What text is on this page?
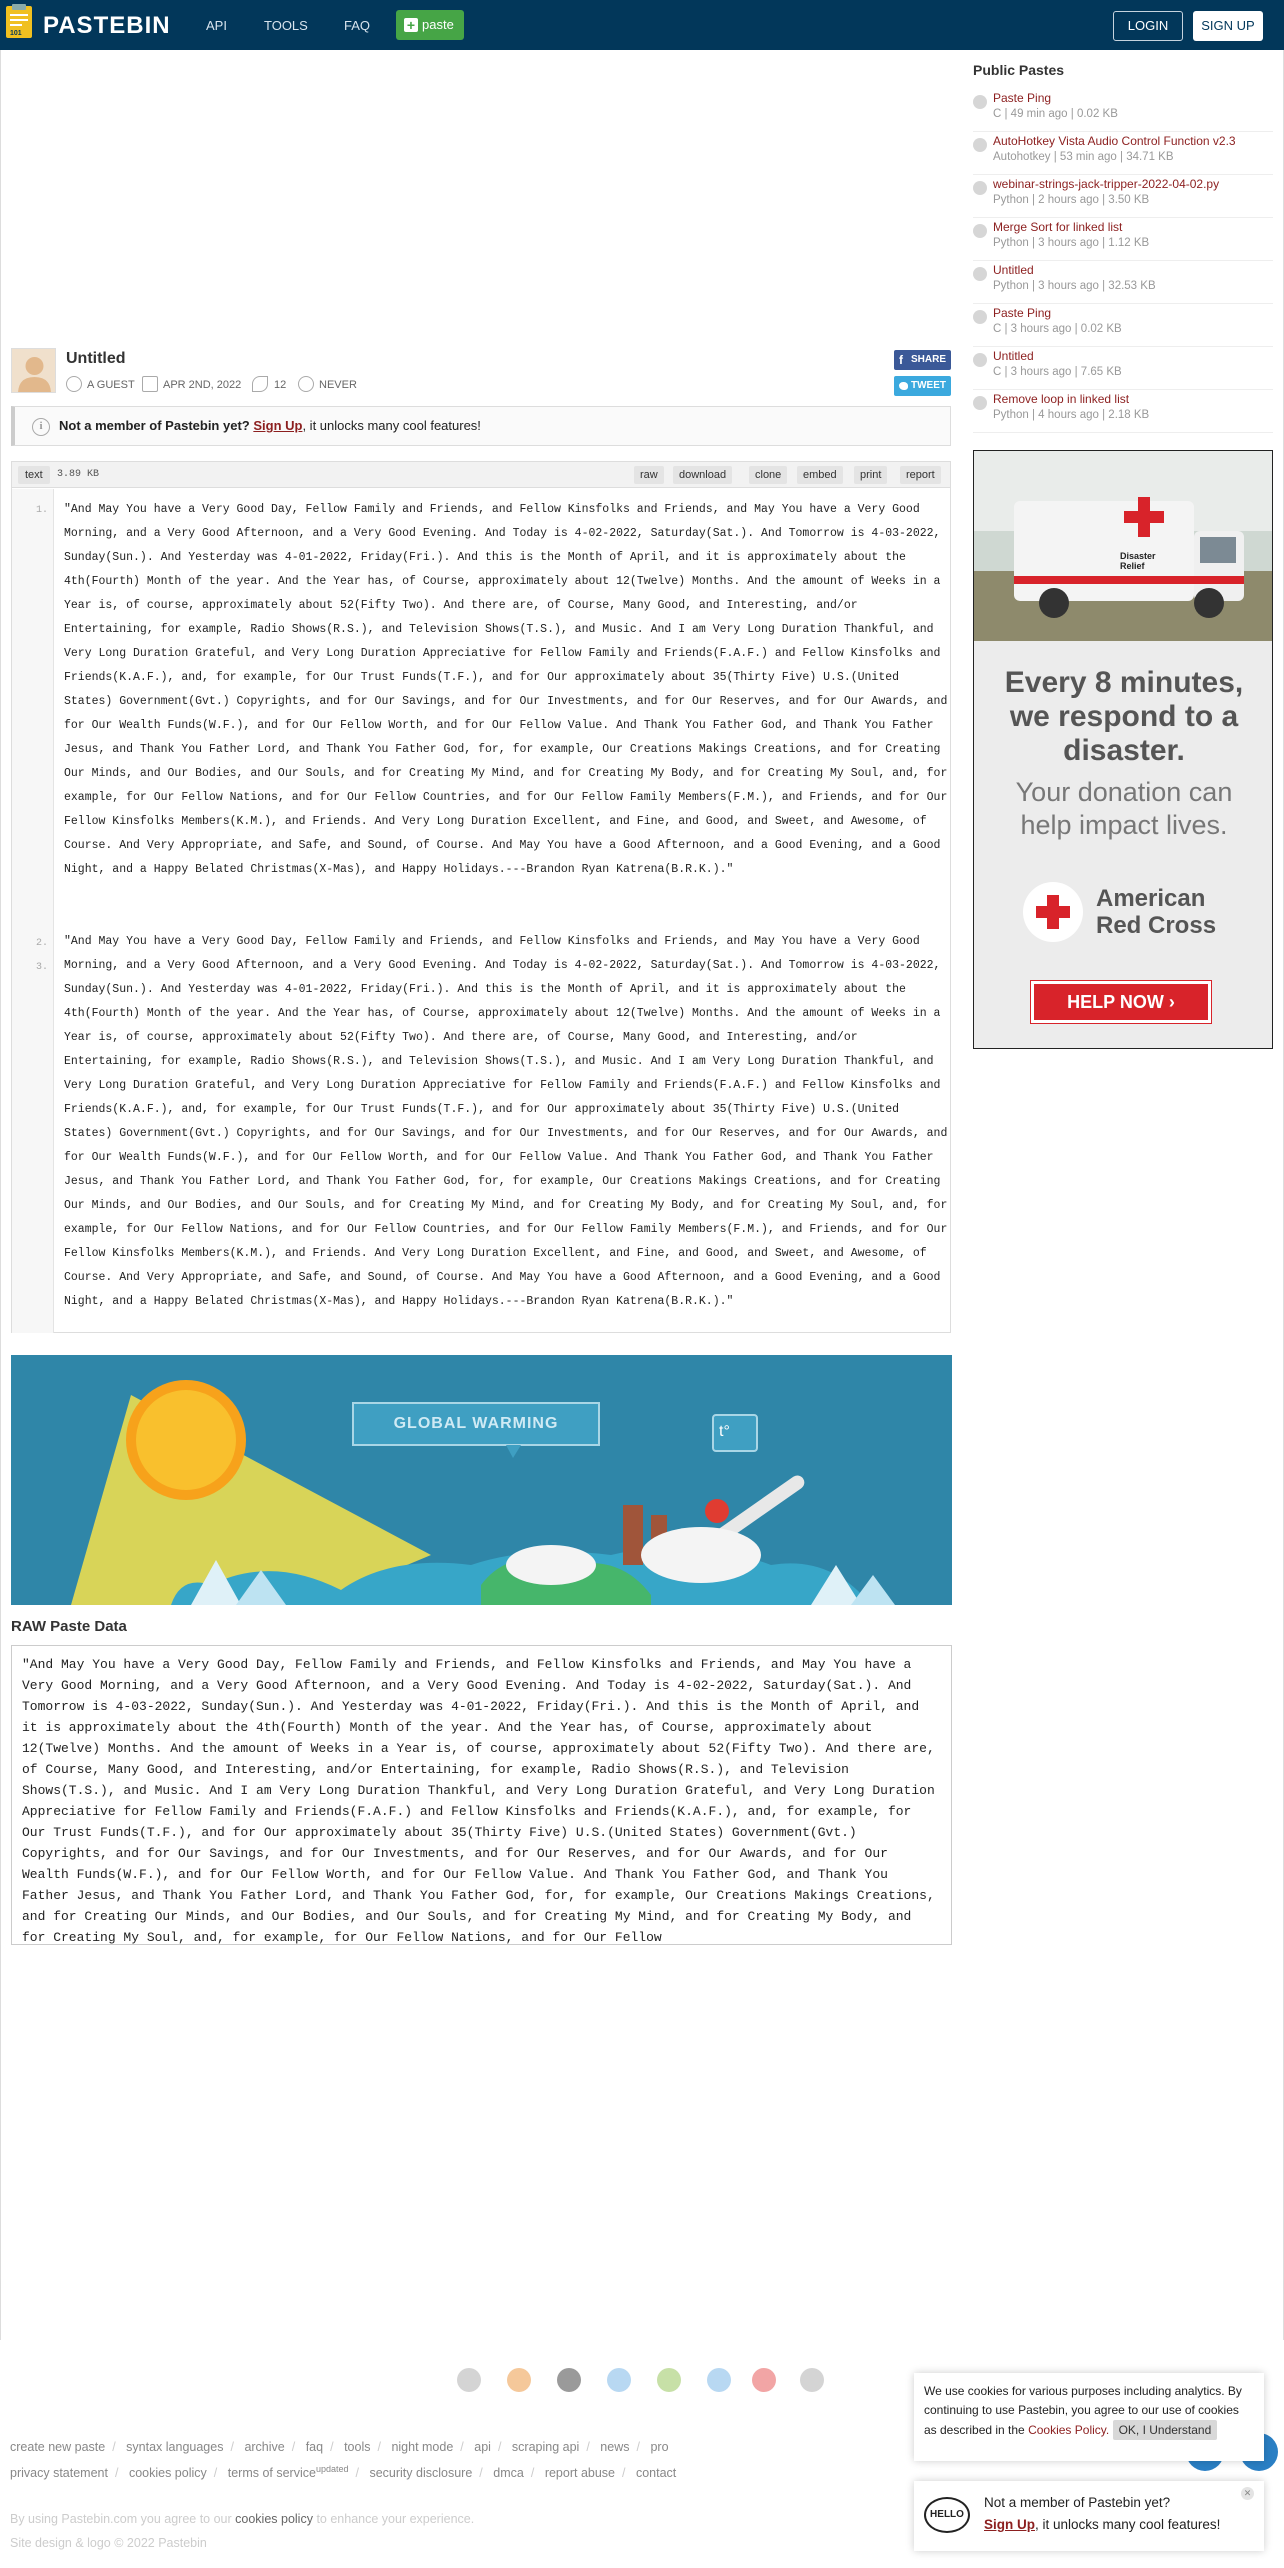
101 PASTEBIN	API	TOOLS	FAQ	+ paste	LOGIN	SIGN UP
Untitled
A GUEST	APR 2ND, 2022	12	NEVER
f SHARE
TWEET
i	Not a member of Pastebin yet? Sign Up, it unlocks many cool features!
text	3.89 KB	raw	download	clone	embed	print	report
1.
2.
3.
"And May You have a Very Good Day, Fellow Family and Friends, and Fellow Kinsfolks and Friends, and May You have a Very Good Morning, and a Very Good Afternoon, and a Very Good Evening. And Today is 4-02-2022, Saturday(Sat.). And Tomorrow is 4-03-2022, Sunday(Sun.). And Yesterday was 4-01-2022, Friday(Fri.). And this is the Month of April, and it is approximately about the 4th(Fourth) Month of the year. And the Year has, of Course, approximately about 12(Twelve) Months. And the amount of Weeks in a Year is, of course, approximately about 52(Fifty Two). And there are, of Course, Many Good, and Interesting, and/or Entertaining, for example, Radio Shows(R.S.), and Television Shows(T.S.), and Music. And I am Very Long Duration Thankful, and Very Long Duration Grateful, and Very Long Duration Appreciative for Fellow Family and Friends(F.A.F.) and Fellow Kinsfolks and Friends(K.A.F.), and, for example, for Our Trust Funds(T.F.), and for Our approximately about 35(Thirty Five) U.S.(United States) Government(Gvt.) Copyrights, and for Our Savings, and for Our Investments, and for Our Reserves, and for Our Awards, and for Our Wealth Funds(W.F.), and for Our Fellow Worth, and for Our Fellow Value. And Thank You Father God, and Thank You Father Jesus, and Thank You Father Lord, and Thank You Father God, for, for example, Our Creations Makings Creations, and for Creating Our Minds, and Our Bodies, and Our Souls, and for Creating My Mind, and for Creating My Body, and for Creating My Soul, and, for example, for Our Fellow Nations, and for Our Fellow Countries, and for Our Fellow Family Members(F.M.), and Friends, and for Our Fellow Kinsfolks Members(K.M.), and Friends. And Very Long Duration Excellent, and Fine, and Good, and Sweet, and Awesome, of Course. And Very Appropriate, and Safe, and Sound, of Course. And May You have a Good Afternoon, and a Good Evening, and a Good Night, and a Happy Belated Christmas(X-Mas), and Happy Holidays.---Brandon Ryan Katrena(B.R.K.)."
"And May You have a Very Good Day, Fellow Family and Friends, and Fellow Kinsfolks and Friends, and May You have a Very Good Morning, and a Very Good Afternoon, and a Very Good Evening. And Today is 4-02-2022, Saturday(Sat.). And Tomorrow is 4-03-2022, Sunday(Sun.). And Yesterday was 4-01-2022, Friday(Fri.). And this is the Month of April, and it is approximately about the 4th(Fourth) Month of the year. And the Year has, of Course, approximately about 12(Twelve) Months. And the amount of Weeks in a Year is, of course, approximately about 52(Fifty Two). And there are, of Course, Many Good, and Interesting, and/or Entertaining, for example, Radio Shows(R.S.), and Television Shows(T.S.), and Music. And I am Very Long Duration Thankful, and Very Long Duration Grateful, and Very Long Duration Appreciative for Fellow Family and Friends(F.A.F.) and Fellow Kinsfolks and Friends(K.A.F.), and, for example, for Our Trust Funds(T.F.), and for Our approximately about 35(Thirty Five) U.S.(United States) Government(Gvt.) Copyrights, and for Our Savings, and for Our Investments, and for Our Reserves, and for Our Awards, and for Our Wealth Funds(W.F.), and for Our Fellow Worth, and for Our Fellow Value. And Thank You Father God, and Thank You Father Jesus, and Thank You Father Lord, and Thank You Father God, for, for example, Our Creations Makings Creations, and for Creating Our Minds, and Our Bodies, and Our Souls, and for Creating My Mind, and for Creating My Body, and for Creating My Soul, and, for example, for Our Fellow Nations, and for Our Fellow Countries, and for Our Fellow Family Members(F.M.), and Friends, and for Our Fellow Kinsfolks Members(K.M.), and Friends. And Very Long Duration Excellent, and Fine, and Good, and Sweet, and Awesome, of Course. And Very Appropriate, and Safe, and Sound, of Course. And May You have a Good Afternoon, and a Good Evening, and a Good Night, and a Happy Belated Christmas(X-Mas), and Happy Holidays.---Brandon Ryan Katrena(B.R.K.)."
GLOBAL WARMING	t°
RAW Paste Data
"And May You have a Very Good Day, Fellow Family and Friends, and Fellow Kinsfolks and Friends, and May You have a Very Good Morning, and a Very Good Afternoon, and a Very Good Evening. And Today is 4-02-2022, Saturday(Sat.). And Tomorrow is 4-03-2022, Sunday(Sun.). And Yesterday was 4-01-2022, Friday(Fri.). And this is the Month of April, and it is approximately about the 4th(Fourth) Month of the year. And the Year has, of Course, approximately about 12(Twelve) Months. And the amount of Weeks in a Year is, of course, approximately about 52(Fifty Two). And there are, of Course, Many Good, and Interesting, and/or Entertaining, for example, Radio Shows(R.S.), and Television Shows(T.S.), and Music. And I am Very Long Duration Thankful, and Very Long Duration Grateful, and Very Long Duration Appreciative for Fellow Family and Friends(F.A.F.) and Fellow Kinsfolks and Friends(K.A.F.), and, for example, for Our Trust Funds(T.F.), and for Our approximately about 35(Thirty Five) U.S.(United States) Government(Gvt.) Copyrights, and for Our Savings, and for Our Investments, and for Our Reserves, and for Our Awards, and for Our Wealth Funds(W.F.), and for Our Fellow Worth, and for Our Fellow Value. And Thank You Father God, and Thank You Father Jesus, and Thank You Father Lord, and Thank You Father God, for, for example, Our Creations Makings Creations, and for Creating Our Minds, and Our Bodies, and Our Souls, and for Creating My Mind, and for Creating My Body, and for Creating My Soul, and, for example, for Our Fellow Nations, and for Our Fellow
Public Pastes
Paste Ping
C | 49 min ago | 0.02 KB
AutoHotkey Vista Audio Control Function v2.3
Autohotkey | 53 min ago | 34.71 KB
webinar-strings-jack-tripper-2022-04-02.py
Python | 2 hours ago | 3.50 KB
Merge Sort for linked list
Python | 3 hours ago | 1.12 KB
Untitled
Python | 3 hours ago | 32.53 KB
Paste Ping
C | 3 hours ago | 0.02 KB
Untitled
C | 3 hours ago | 7.65 KB
Remove loop in linked list
Python | 4 hours ago | 2.18 KB
Disaster Relief
Every 8 minutes, we respond to a disaster.
Your donation can help impact lives.
American Red Cross
HELP NOW ›
create new paste / syntax languages / archive / faq / tools / night mode / api / scraping api / news / pro
privacy statement / cookies policy / terms of service$^{updated}$ / security disclosure / dmca / report abuse / contact
By using Pastebin.com you agree to our cookies policy to enhance your experience.
Site design & logo © 2022 Pastebin
We use cookies for various purposes including analytics. By continuing to use Pastebin, you agree to our use of cookies as described in the Cookies Policy. OK, I Understand
HELLO
✕
Not a member of Pastebin yet?
Sign Up, it unlocks many cool features!
